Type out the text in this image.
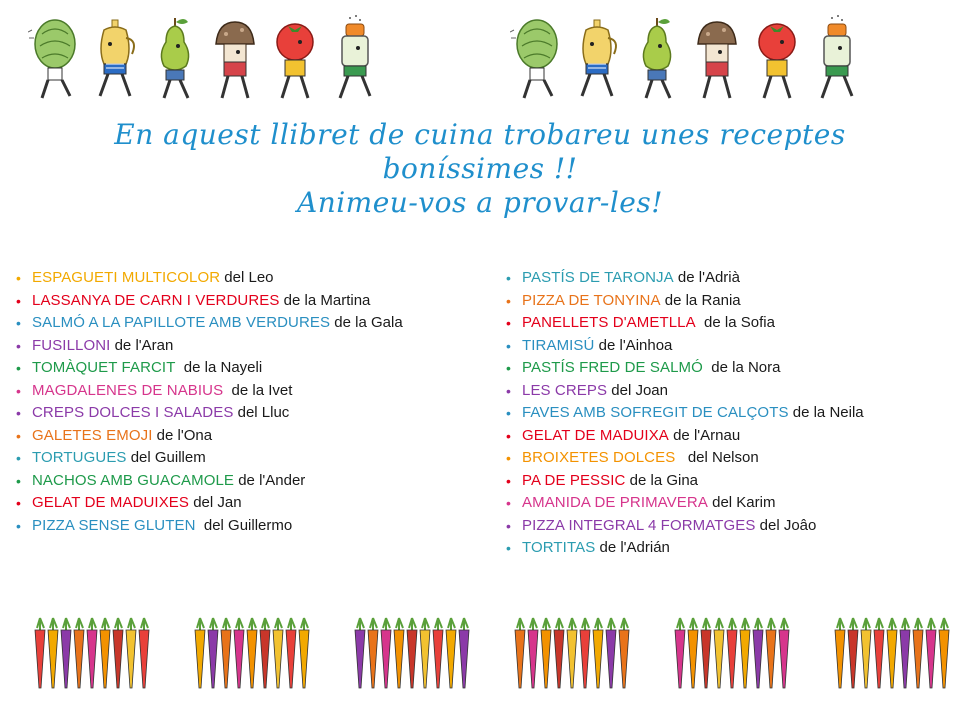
En aquest llibret de cuina trobareu unes receptes
boníssimes !!
Animeu-vos a provar-les!
• ESPAGUETI MULTICOLOR del Leo
• LASSANYA DE CARN I VERDURES de la Martina
• SALMÓ A LA PAPILLOTE AMB VERDURES de la Gala
• FUSILLONI de l'Aran
• TOMÀQUET FARCIT  de la Nayeli
• MAGDALENES DE NABIUS  de la Ivet
• CREPS DOLCES I SALADES del Lluc
• GALETES EMOJI de l'Ona
• TORTUGUES del Guillem
• NACHOS AMB GUACAMOLE de l'Ander
• GELAT DE MADUIXES del Jan
• PIZZA SENSE GLUTEN  del Guillermo
• PASTÍS DE TARONJA de l'Adrià
• PIZZA DE TONYINA de la Rania
• PANELLETS D'AMETLLA  de la Sofia
• TIRAMISÚ de l'Ainhoa
• PASTÍS FRED DE SALMÓ  de la Nora
• LES CREPS del Joan
• FAVES AMB SOFREGIT DE CALÇOTS de la Neila
• GELAT DE MADUIXA de l'Arnau
• BROIXETES DOLCES   del Nelson
• PA DE PESSIC de la Gina
• AMANIDA DE PRIMAVERA del Karim
• PIZZA INTEGRAL 4 FORMATGES del Joâo
• TORTITAS de l'Adrián
